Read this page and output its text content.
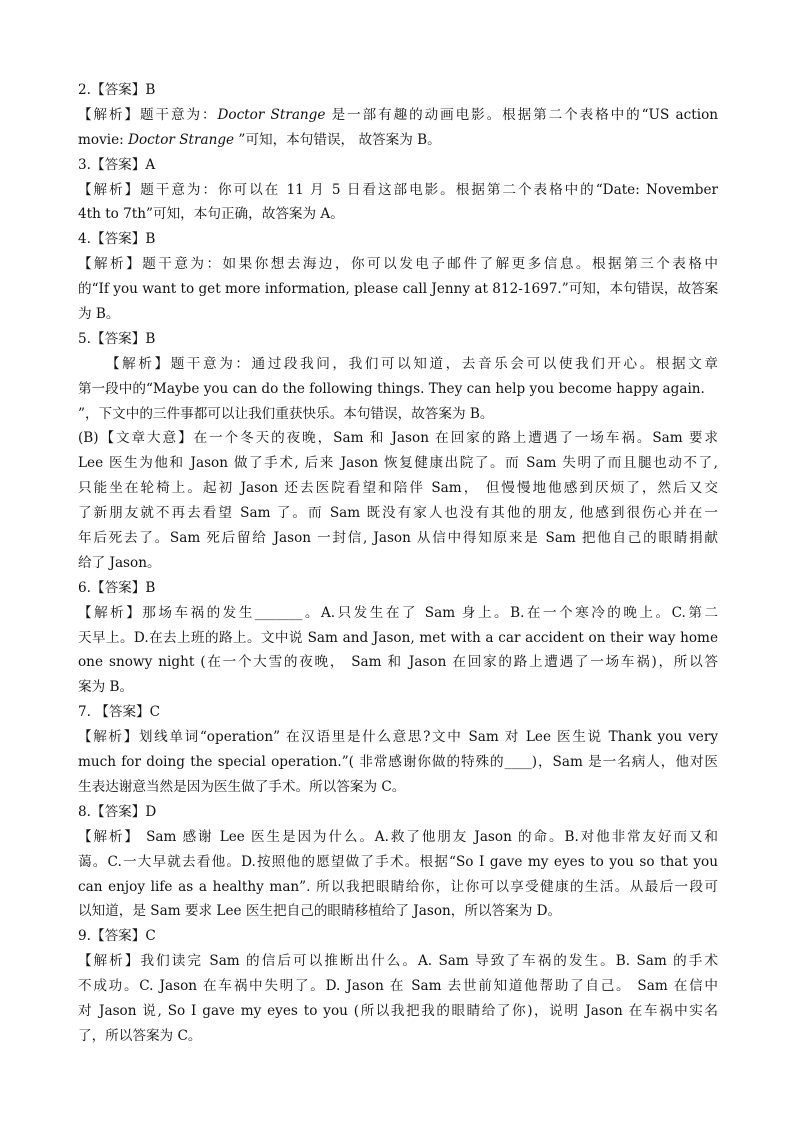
2.【答案】B
【解析】题干意为：Doctor Strange 是一部有趣的动画电影。根据第二个表格中的“US action
movie: Doctor Strange ”可知，本句错误， 故答案为 B。
3.【答案】A
【解析】题干意为：你可以在 11 月 5 日看这部电影。根据第二个表格中的“Date: November
4th to 7th”可知，本句正确，故答案为 A。
4.【答案】B
【解析】题干意为：如果你想去海边，你可以发电子邮件了解更多信息。根据第三个表格中
的“If you want to get more information, please call Jenny at 812-1697.”可知，本句错误，故答案
为 B。
5.【答案】B
【解析】题干意为：通过段我问，我们可以知道，去音乐会可以使我们开心。根据文章
第一段中的“Maybe you can do the following things. They can help you become happy again.
”，下文中的三件事都可以让我们重获快乐。本句错误，故答案为 B。
(B)【文章大意】在一个冬天的夜晚，Sam 和 Jason 在回家的路上遭遇了一场车祸。Sam 要求
Lee 医生为他和 Jason 做了手术, 后来 Jason 恢复健康出院了。而 Sam 失明了而且腿也动不了,
只能坐在轮椅上。起初 Jason 还去医院看望和陪伴 Sam， 但慢慢地他感到厌烦了，然后又交
了新朋友就不再去看望 Sam 了。而 Sam 既没有家人也没有其他的朋友, 他感到很伤心并在一
年后死去了。Sam 死后留给 Jason 一封信, Jason 从信中得知原来是 Sam 把他自己的眼睛捐献
给了 Jason。
6.【答案】B
【解析】那场车祸的发生_______。A.只发生在了 Sam 身上。B.在一个寒冷的晚上。C.第二
天早上。D.在去上班的路上。文中说 Sam and Jason, met with a car accident on their way home
one snowy night (在一个大雪的夜晚， Sam 和 Jason 在回家的路上遭遇了一场车祸)，所以答
案为 B。
7. 【答案】C
【解析】划线单词“operation” 在汉语里是什么意思?文中 Sam 对 Lee 医生说 Thank you very
much for doing the special operation.”( 非常感谢你做的特殊的____)，Sam 是一名病人，他对医
生表达谢意当然是因为医生做了手术。所以答案为 C。
8.【答案】D
【解析】 Sam 感谢 Lee 医生是因为什么。A.救了他朋友 Jason 的命。B.对他非常友好而又和
蔼。C.一大早就去看他。D.按照他的愿望做了手术。根据“So I gave my eyes to you so that you
can enjoy life as a healthy man”. 所以我把眼睛给你，让你可以享受健康的生活。从最后一段可
以知道，是 Sam 要求 Lee 医生把自己的眼睛移植给了 Jason，所以答案为 D。
9.【答案】C
【解析】我们读完 Sam 的信后可以推断出什么。A. Sam 导致了车祸的发生。B. Sam 的手术
不成功。C. Jason 在车祸中失明了。D. Jason 在 Sam 去世前知道他帮助了自己。 Sam 在信中
对 Jason 说, So I gave my eyes to you (所以我把我的眼睛给了你)，说明 Jason 在车祸中实名
了，所以答案为 C。
